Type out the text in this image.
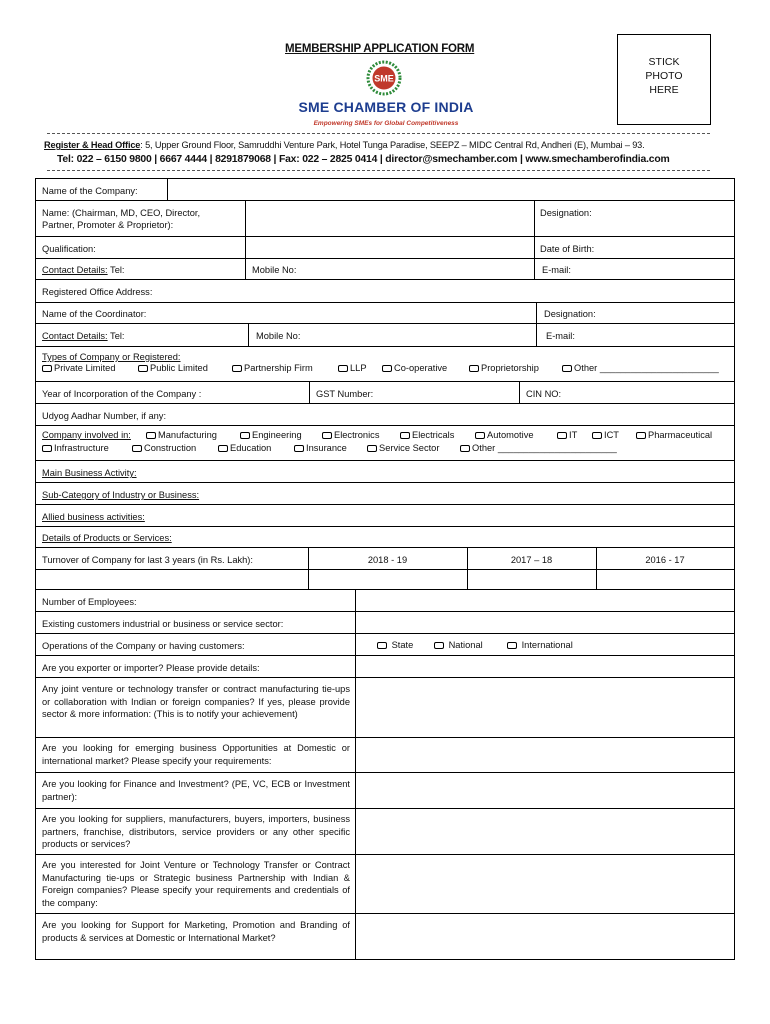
MEMBERSHIP APPLICATION FORM
STICK
PHOTO
HERE
SME
SME CHAMBER OF INDIA
Empowering SMEs for Global Competitiveness
Register & Head Office: 5, Upper Ground Floor, Samruddhi Venture Park, Hotel Tunga Paradise, SEEPZ – MIDC Central Rd, Andheri (E), Mumbai – 93.
Tel: 022 – 6150 9800 | 6667 4444 | 8291879068 | Fax: 022 – 2825 0414 | director@smechamber.com | www.smechamberofindia.com
Name of the Company:
Name: (Chairman, MD, CEO, Director, Partner, Promoter & Proprietor):
Designation:
Qualification:	Date of Birth:
Contact Details: Tel:	Mobile No:	E-mail:
Registered Office Address:
Name of the Coordinator:	Designation:
Contact Details: Tel:	Mobile No:	E-mail:
Types of Company or Registered:
Private Limited	Public Limited	Partnership Firm	LLP	Co-operative	Proprietorship	Other _______________________
Year of Incorporation of the Company :	GST Number:	CIN NO:
Udyog Aadhar Number, if any:
Company involved in:	Manufacturing	Engineering	Electronics	Electricals	Automotive	IT	ICT	Pharmaceutical
Infrastructure	Construction	Education	Insurance	Service Sector	Other _______________________
Main Business Activity:
Sub-Category of Industry or Business:
Allied business activities:
Details of Products or Services:
Turnover of Company for last 3 years (in Rs. Lakh):	2018 - 19	2017 – 18	2016 - 17
Number of Employees:
Existing customers industrial or business or service sector:
Operations of the Company or having customers:	State	National	International
Are you exporter or importer? Please provide details:
Any joint venture or technology transfer or contract manufacturing tie-ups or collaboration with Indian or foreign companies? If yes, please provide sector & more information: (This is to notify your achievement)
Are you looking for emerging business Opportunities at Domestic or international market? Please specify your requirements:
Are you looking for Finance and Investment? (PE, VC, ECB or Investment partner):
Are you looking for suppliers, manufacturers, buyers, importers, business partners, franchise, distributors, service providers or any other specific products or services?
Are you interested for Joint Venture or Technology Transfer or Contract Manufacturing tie-ups or Strategic business Partnership with Indian & Foreign companies? Please specify your requirements and credentials of the company:
Are you looking for Support for Marketing, Promotion and Branding of products & services at Domestic or International Market?
